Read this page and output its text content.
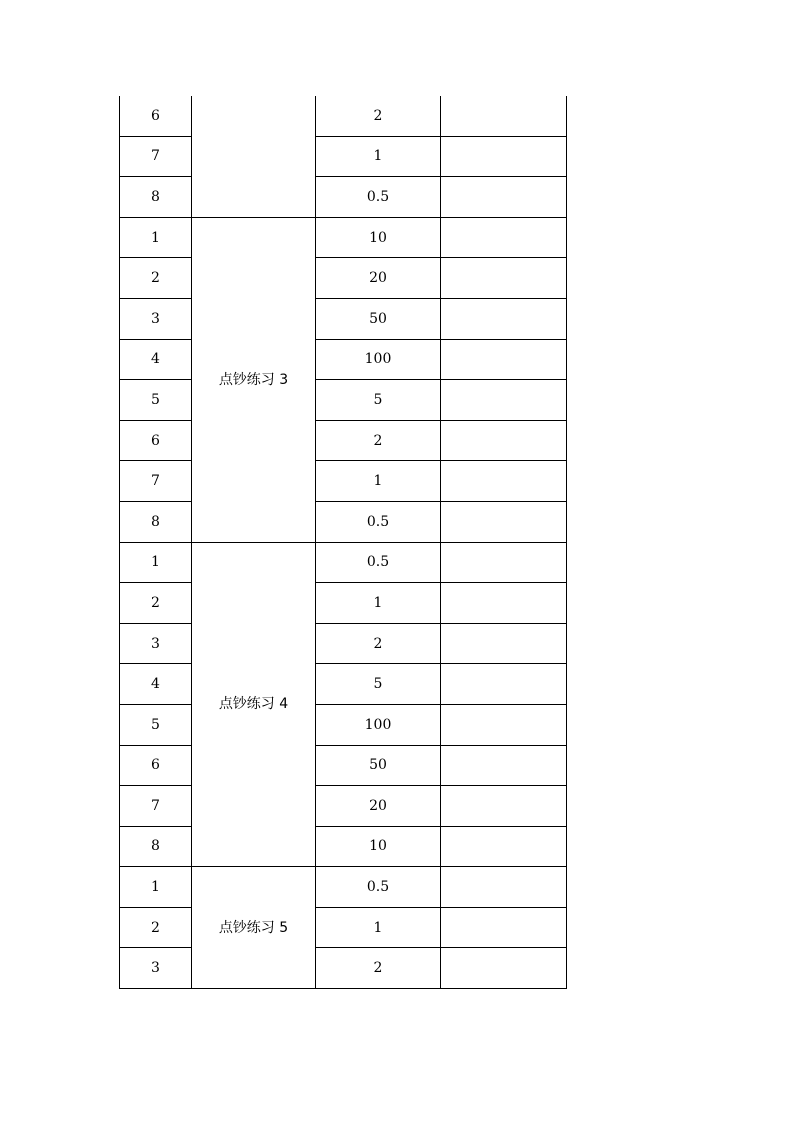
6		2	
7		1	
8		0.5	
1	点钞练习 3	10	
2		20	
3		50	
4		100	
5		5	
6		2	
7		1	
8		0.5	
1	点钞练习 4	0.5	
2		1	
3		2	
4		5	
5		100	
6		50	
7		20	
8		10	
1	点钞练习 5	0.5	
2		1	
3		2	
